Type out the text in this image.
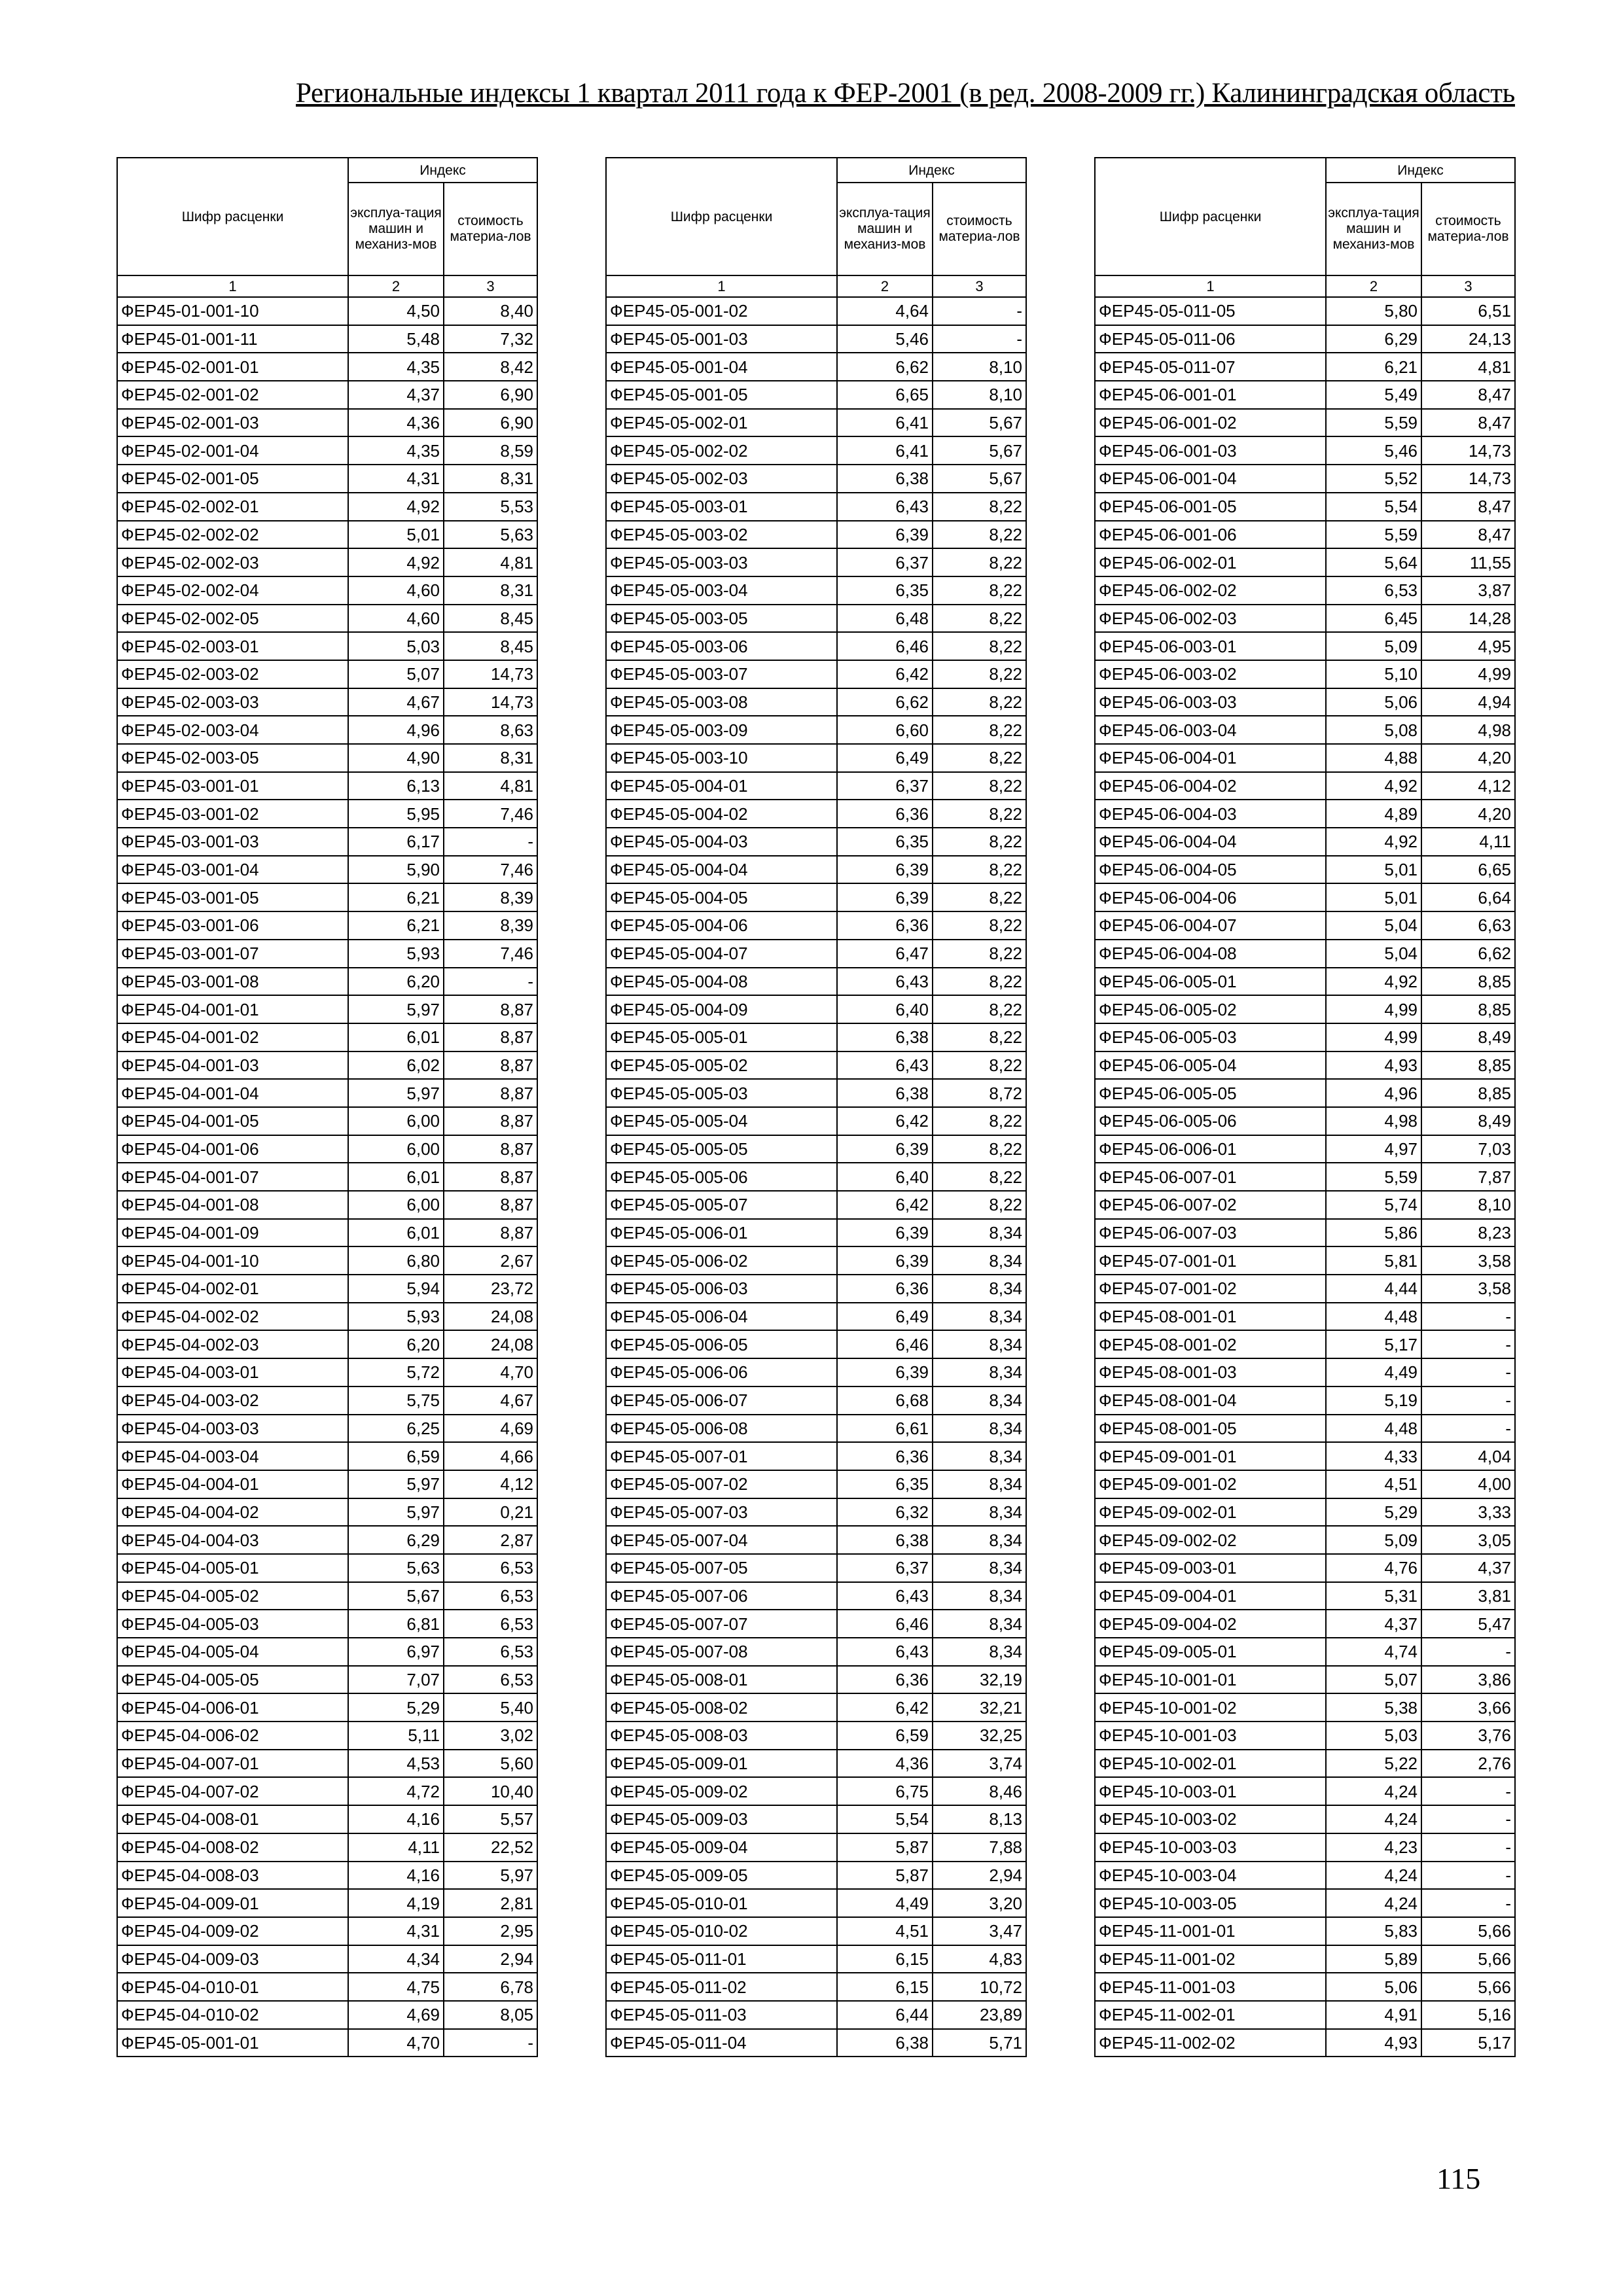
Региональные индексы 1 квартал 2011 года к ФЕР-2001 (в ред. 2008-2009 гг.) Калининградская область
Шифр расценки	Индекс	
	эксплуа-тация машин и механиз-мов	стоимость материа-лов
1	2	3
ФЕР45-01-001-10	4,50	8,40
ФЕР45-01-001-11	5,48	7,32
ФЕР45-02-001-01	4,35	8,42
ФЕР45-02-001-02	4,37	6,90
ФЕР45-02-001-03	4,36	6,90
ФЕР45-02-001-04	4,35	8,59
ФЕР45-02-001-05	4,31	8,31
ФЕР45-02-002-01	4,92	5,53
ФЕР45-02-002-02	5,01	5,63
ФЕР45-02-002-03	4,92	4,81
ФЕР45-02-002-04	4,60	8,31
ФЕР45-02-002-05	4,60	8,45
ФЕР45-02-003-01	5,03	8,45
ФЕР45-02-003-02	5,07	14,73
ФЕР45-02-003-03	4,67	14,73
ФЕР45-02-003-04	4,96	8,63
ФЕР45-02-003-05	4,90	8,31
ФЕР45-03-001-01	6,13	4,81
ФЕР45-03-001-02	5,95	7,46
ФЕР45-03-001-03	6,17	-
ФЕР45-03-001-04	5,90	7,46
ФЕР45-03-001-05	6,21	8,39
ФЕР45-03-001-06	6,21	8,39
ФЕР45-03-001-07	5,93	7,46
ФЕР45-03-001-08	6,20	-
ФЕР45-04-001-01	5,97	8,87
ФЕР45-04-001-02	6,01	8,87
ФЕР45-04-001-03	6,02	8,87
ФЕР45-04-001-04	5,97	8,87
ФЕР45-04-001-05	6,00	8,87
ФЕР45-04-001-06	6,00	8,87
ФЕР45-04-001-07	6,01	8,87
ФЕР45-04-001-08	6,00	8,87
ФЕР45-04-001-09	6,01	8,87
ФЕР45-04-001-10	6,80	2,67
ФЕР45-04-002-01	5,94	23,72
ФЕР45-04-002-02	5,93	24,08
ФЕР45-04-002-03	6,20	24,08
ФЕР45-04-003-01	5,72	4,70
ФЕР45-04-003-02	5,75	4,67
ФЕР45-04-003-03	6,25	4,69
ФЕР45-04-003-04	6,59	4,66
ФЕР45-04-004-01	5,97	4,12
ФЕР45-04-004-02	5,97	0,21
ФЕР45-04-004-03	6,29	2,87
ФЕР45-04-005-01	5,63	6,53
ФЕР45-04-005-02	5,67	6,53
ФЕР45-04-005-03	6,81	6,53
ФЕР45-04-005-04	6,97	6,53
ФЕР45-04-005-05	7,07	6,53
ФЕР45-04-006-01	5,29	5,40
ФЕР45-04-006-02	5,11	3,02
ФЕР45-04-007-01	4,53	5,60
ФЕР45-04-007-02	4,72	10,40
ФЕР45-04-008-01	4,16	5,57
ФЕР45-04-008-02	4,11	22,52
ФЕР45-04-008-03	4,16	5,97
ФЕР45-04-009-01	4,19	2,81
ФЕР45-04-009-02	4,31	2,95
ФЕР45-04-009-03	4,34	2,94
ФЕР45-04-010-01	4,75	6,78
ФЕР45-04-010-02	4,69	8,05
ФЕР45-05-001-01	4,70	-
Шифр расценки	Индекс	
	эксплуа-тация машин и механиз-мов	стоимость материа-лов
1	2	3
ФЕР45-05-001-02	4,64	-
ФЕР45-05-001-03	5,46	-
ФЕР45-05-001-04	6,62	8,10
ФЕР45-05-001-05	6,65	8,10
ФЕР45-05-002-01	6,41	5,67
ФЕР45-05-002-02	6,41	5,67
ФЕР45-05-002-03	6,38	5,67
ФЕР45-05-003-01	6,43	8,22
ФЕР45-05-003-02	6,39	8,22
ФЕР45-05-003-03	6,37	8,22
ФЕР45-05-003-04	6,35	8,22
ФЕР45-05-003-05	6,48	8,22
ФЕР45-05-003-06	6,46	8,22
ФЕР45-05-003-07	6,42	8,22
ФЕР45-05-003-08	6,62	8,22
ФЕР45-05-003-09	6,60	8,22
ФЕР45-05-003-10	6,49	8,22
ФЕР45-05-004-01	6,37	8,22
ФЕР45-05-004-02	6,36	8,22
ФЕР45-05-004-03	6,35	8,22
ФЕР45-05-004-04	6,39	8,22
ФЕР45-05-004-05	6,39	8,22
ФЕР45-05-004-06	6,36	8,22
ФЕР45-05-004-07	6,47	8,22
ФЕР45-05-004-08	6,43	8,22
ФЕР45-05-004-09	6,40	8,22
ФЕР45-05-005-01	6,38	8,22
ФЕР45-05-005-02	6,43	8,22
ФЕР45-05-005-03	6,38	8,72
ФЕР45-05-005-04	6,42	8,22
ФЕР45-05-005-05	6,39	8,22
ФЕР45-05-005-06	6,40	8,22
ФЕР45-05-005-07	6,42	8,22
ФЕР45-05-006-01	6,39	8,34
ФЕР45-05-006-02	6,39	8,34
ФЕР45-05-006-03	6,36	8,34
ФЕР45-05-006-04	6,49	8,34
ФЕР45-05-006-05	6,46	8,34
ФЕР45-05-006-06	6,39	8,34
ФЕР45-05-006-07	6,68	8,34
ФЕР45-05-006-08	6,61	8,34
ФЕР45-05-007-01	6,36	8,34
ФЕР45-05-007-02	6,35	8,34
ФЕР45-05-007-03	6,32	8,34
ФЕР45-05-007-04	6,38	8,34
ФЕР45-05-007-05	6,37	8,34
ФЕР45-05-007-06	6,43	8,34
ФЕР45-05-007-07	6,46	8,34
ФЕР45-05-007-08	6,43	8,34
ФЕР45-05-008-01	6,36	32,19
ФЕР45-05-008-02	6,42	32,21
ФЕР45-05-008-03	6,59	32,25
ФЕР45-05-009-01	4,36	3,74
ФЕР45-05-009-02	6,75	8,46
ФЕР45-05-009-03	5,54	8,13
ФЕР45-05-009-04	5,87	7,88
ФЕР45-05-009-05	5,87	2,94
ФЕР45-05-010-01	4,49	3,20
ФЕР45-05-010-02	4,51	3,47
ФЕР45-05-011-01	6,15	4,83
ФЕР45-05-011-02	6,15	10,72
ФЕР45-05-011-03	6,44	23,89
ФЕР45-05-011-04	6,38	5,71
Шифр расценки	Индекс	
	эксплуа-тация машин и механиз-мов	стоимость материа-лов
1	2	3
ФЕР45-05-011-05	5,80	6,51
ФЕР45-05-011-06	6,29	24,13
ФЕР45-05-011-07	6,21	4,81
ФЕР45-06-001-01	5,49	8,47
ФЕР45-06-001-02	5,59	8,47
ФЕР45-06-001-03	5,46	14,73
ФЕР45-06-001-04	5,52	14,73
ФЕР45-06-001-05	5,54	8,47
ФЕР45-06-001-06	5,59	8,47
ФЕР45-06-002-01	5,64	11,55
ФЕР45-06-002-02	6,53	3,87
ФЕР45-06-002-03	6,45	14,28
ФЕР45-06-003-01	5,09	4,95
ФЕР45-06-003-02	5,10	4,99
ФЕР45-06-003-03	5,06	4,94
ФЕР45-06-003-04	5,08	4,98
ФЕР45-06-004-01	4,88	4,20
ФЕР45-06-004-02	4,92	4,12
ФЕР45-06-004-03	4,89	4,20
ФЕР45-06-004-04	4,92	4,11
ФЕР45-06-004-05	5,01	6,65
ФЕР45-06-004-06	5,01	6,64
ФЕР45-06-004-07	5,04	6,63
ФЕР45-06-004-08	5,04	6,62
ФЕР45-06-005-01	4,92	8,85
ФЕР45-06-005-02	4,99	8,85
ФЕР45-06-005-03	4,99	8,49
ФЕР45-06-005-04	4,93	8,85
ФЕР45-06-005-05	4,96	8,85
ФЕР45-06-005-06	4,98	8,49
ФЕР45-06-006-01	4,97	7,03
ФЕР45-06-007-01	5,59	7,87
ФЕР45-06-007-02	5,74	8,10
ФЕР45-06-007-03	5,86	8,23
ФЕР45-07-001-01	5,81	3,58
ФЕР45-07-001-02	4,44	3,58
ФЕР45-08-001-01	4,48	-
ФЕР45-08-001-02	5,17	-
ФЕР45-08-001-03	4,49	-
ФЕР45-08-001-04	5,19	-
ФЕР45-08-001-05	4,48	-
ФЕР45-09-001-01	4,33	4,04
ФЕР45-09-001-02	4,51	4,00
ФЕР45-09-002-01	5,29	3,33
ФЕР45-09-002-02	5,09	3,05
ФЕР45-09-003-01	4,76	4,37
ФЕР45-09-004-01	5,31	3,81
ФЕР45-09-004-02	4,37	5,47
ФЕР45-09-005-01	4,74	-
ФЕР45-10-001-01	5,07	3,86
ФЕР45-10-001-02	5,38	3,66
ФЕР45-10-001-03	5,03	3,76
ФЕР45-10-002-01	5,22	2,76
ФЕР45-10-003-01	4,24	-
ФЕР45-10-003-02	4,24	-
ФЕР45-10-003-03	4,23	-
ФЕР45-10-003-04	4,24	-
ФЕР45-10-003-05	4,24	-
ФЕР45-11-001-01	5,83	5,66
ФЕР45-11-001-02	5,89	5,66
ФЕР45-11-001-03	5,06	5,66
ФЕР45-11-002-01	4,91	5,16
ФЕР45-11-002-02	4,93	5,17
115
